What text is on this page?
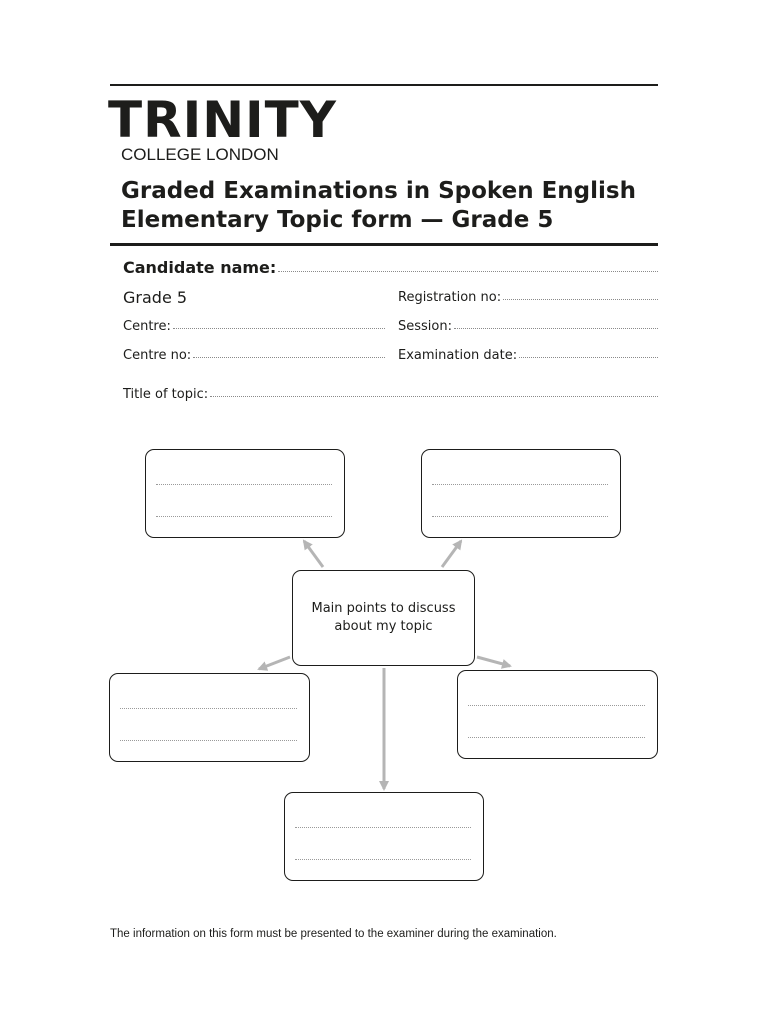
TRINITY
COLLEGE LONDON
Graded Examinations in Spoken English
Elementary Topic form — Grade 5
Candidate name:
Grade 5	Registration no:
Centre:	Session:
Centre no:	Examination date:
Title of topic:
Main points to discuss about my topic
The information on this form must be presented to the examiner during the examination.
